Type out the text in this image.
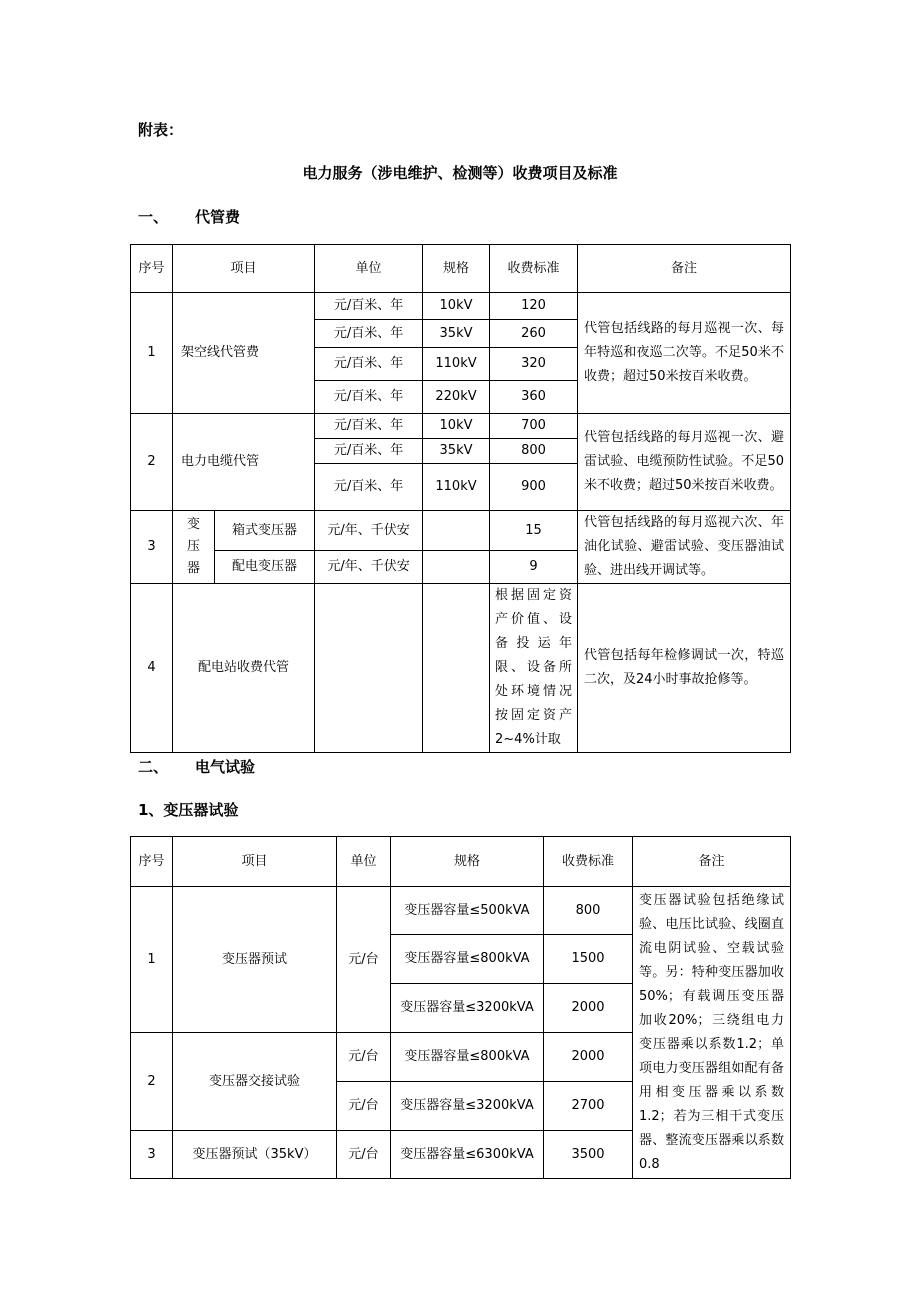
附表：
电力服务（涉电维护、检测等）收费项目及标准
一、 代管费
序号	项目		单位	规格	收费标准	备注
1	架空线代管费		元/百米、年	10kV	120	代管包括线路的每月巡视一次、每年特巡和夜巡二次等。不足50米不收费；超过50米按百米收费。
			元/百米、年	35kV	260	
			元/百米、年	110kV	320	
			元/百米、年	220kV	360	
2	电力电缆代管		元/百米、年	10kV	700	代管包括线路的每月巡视一次、避雷试验、电缆预防性试验。不足50米不收费；超过50米按百米收费。
			元/百米、年	35kV	800	
			元/百米、年	110kV	900	
3	变压器	箱式变压器	元/年、千伏安		15	代管包括线路的每月巡视六次、年油化试验、避雷试验、变压器油试验、进出线开调试等。
		配电变压器	元/年、千伏安		9	
4	配电站收费代管				根据固定资产价值、设备投运年限、设备所处环境情况按固定资产2~4%计取	代管包括每年检修调试一次，特巡二次，及24小时事故抢修等。
二、 电气试验
1、变压器试验
序号	项目	单位	规格	收费标准	备注
1	变压器预试	元/台	变压器容量≤500kVA	800	变压器试验包括绝缘试验、电压比试验、线圈直流电阴试验、空载试验等。另：特种变压器加收50%；有载调压变压器加收20%；三绕组电力变压器乘以系数1.2；单项电力变压器组如配有备用相变压器乘以系数1.2；若为三相干式变压器、整流变压器乘以系数0.8
			变压器容量≤800kVA	1500	
			变压器容量≤3200kVA	2000	
2	变压器交接试验	元/台	变压器容量≤800kVA	2000	
		元/台	变压器容量≤3200kVA	2700	
3	变压器预试（35kV）	元/台	变压器容量≤6300kVA	3500	
